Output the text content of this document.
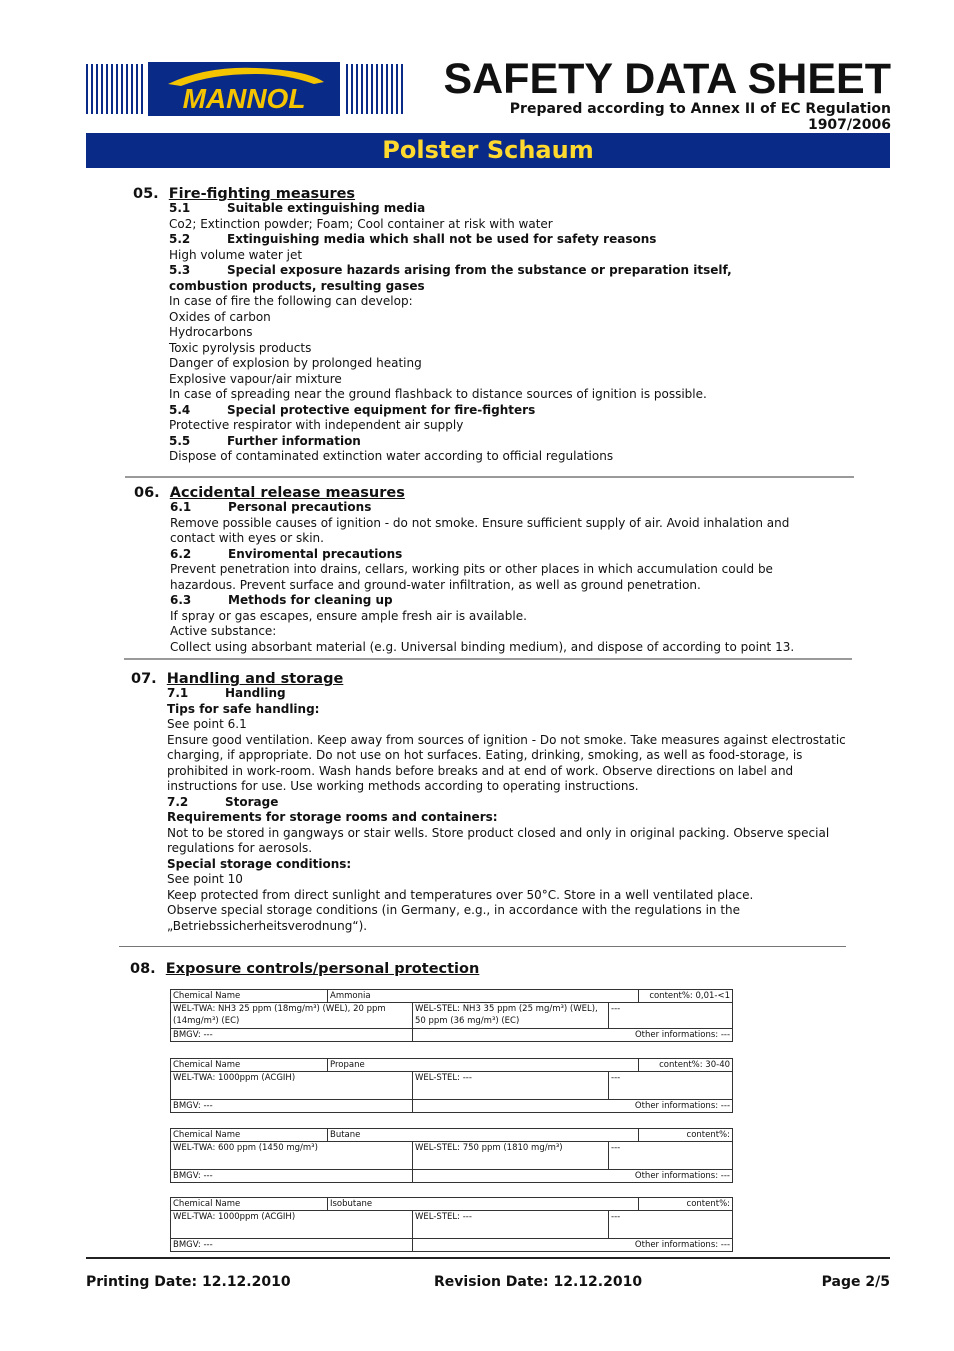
MANNOL	SAFETY DATA SHEET
Prepared according to Annex II of EC Regulation 1907/2006
Polster Schaum
05. Fire-fighting measures
5.1	Suitable extinguishing media
Co2; Extinction powder; Foam; Cool container at risk with water
5.2	Extinguishing media which shall not be used for safety reasons
High volume water jet
5.3	Special exposure hazards arising from the substance or preparation itself,
combustion products, resulting gases
In case of fire the following can develop:
Oxides of carbon
Hydrocarbons
Toxic pyrolysis products
Danger of explosion by prolonged heating
Explosive vapour/air mixture
In case of spreading near the ground flashback to distance sources of ignition is possible.
5.4	Special protective equipment for fire-fighters
Protective respirator with independent air supply
5.5	Further information
Dispose of contaminated extinction water according to official regulations
06. Accidental release measures
6.1	Personal precautions
Remove possible causes of ignition - do not smoke. Ensure sufficient supply of air. Avoid inhalation and
contact with eyes or skin.
6.2	Enviromental precautions
Prevent penetration into drains, cellars, working pits or other places in which accumulation could be
hazardous. Prevent surface and ground-water infiltration, as well as ground penetration.
6.3	Methods for cleaning up
If spray or gas escapes, ensure ample fresh air is available.
Active substance:
Collect using absorbant material (e.g. Universal binding medium), and dispose of according to point 13.
07. Handling and storage
7.1	Handling
Tips for safe handling:
See point 6.1
Ensure good ventilation. Keep away from sources of ignition - Do not smoke. Take measures against electrostatic
charging, if appropriate. Do not use on hot surfaces. Eating, drinking, smoking, as well as food-storage, is
prohibited in work-room. Wash hands before breaks and at end of work. Observe directions on label and
instructions for use. Use working methods according to operating instructions.
7.2	Storage
Requirements for storage rooms and containers:
Not to be stored in gangways or stair wells. Store product closed and only in original packing. Observe special
regulations for aerosols.
Special storage conditions:
See point 10
Keep protected from direct sunlight and temperatures over 50°C. Store in a well ventilated place.
Observe special storage conditions (in Germany, e.g., in accordance with the regulations in the
„Betriebssicherheitsverodnung“).
08. Exposure controls/personal protection
Chemical Name	Ammonia			content%: 0,01-<1
WEL-TWA: NH3 25 ppm (18mg/m³) (WEL), 20 ppm (14mg/m³) (EC)		WEL-STEL: NH3 35 ppm (25 mg/m³) (WEL), 50 ppm (36 mg/m³) (EC)	---	
BMGV: ---		Other informations: ---		
Chemical Name	Propane			content%: 30-40
WEL-TWA: 1000ppm (ACGIH)		WEL-STEL: ---	---	
BMGV: ---		Other informations: ---		
Chemical Name	Butane			content%:
WEL-TWA: 600 ppm (1450 mg/m³)		WEL-STEL: 750 ppm (1810 mg/m³)	---	
BMGV: ---		Other informations: ---		
Chemical Name	Isobutane			content%:
WEL-TWA: 1000ppm (ACGIH)		WEL-STEL: ---	---	
BMGV: ---		Other informations: ---		
Printing Date: 12.12.2010	Revision Date: 12.12.2010	Page 2/5
